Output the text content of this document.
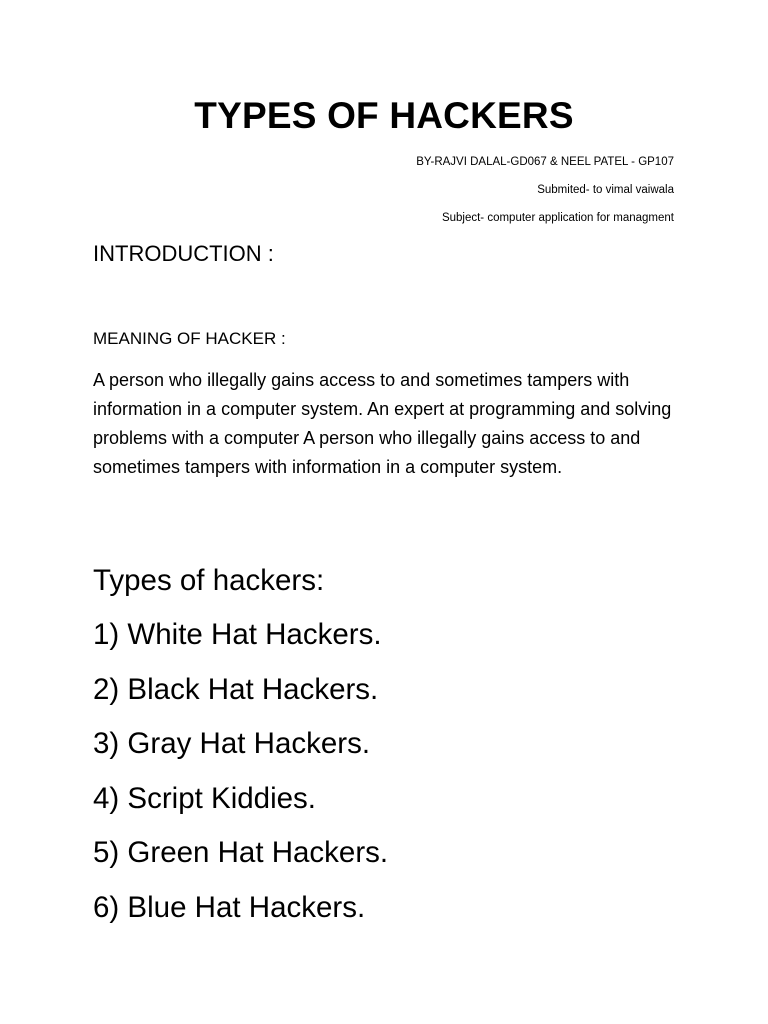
TYPES OF HACKERS
BY-RAJVI DALAL-GD067 & NEEL PATEL - GP107
Submited- to vimal vaiwala
Subject- computer application for managment
INTRODUCTION :
MEANING OF HACKER :

A person who illegally gains access to and sometimes tampers with information in a computer system. An expert at programming and solving problems with a computer A person who illegally gains access to and sometimes tampers with information in a computer system.

Types of hackers:
1) White Hat Hackers.
2) Black Hat Hackers.
3) Gray Hat Hackers.
4) Script Kiddies.
5) Green Hat Hackers.
6) Blue Hat Hackers.
